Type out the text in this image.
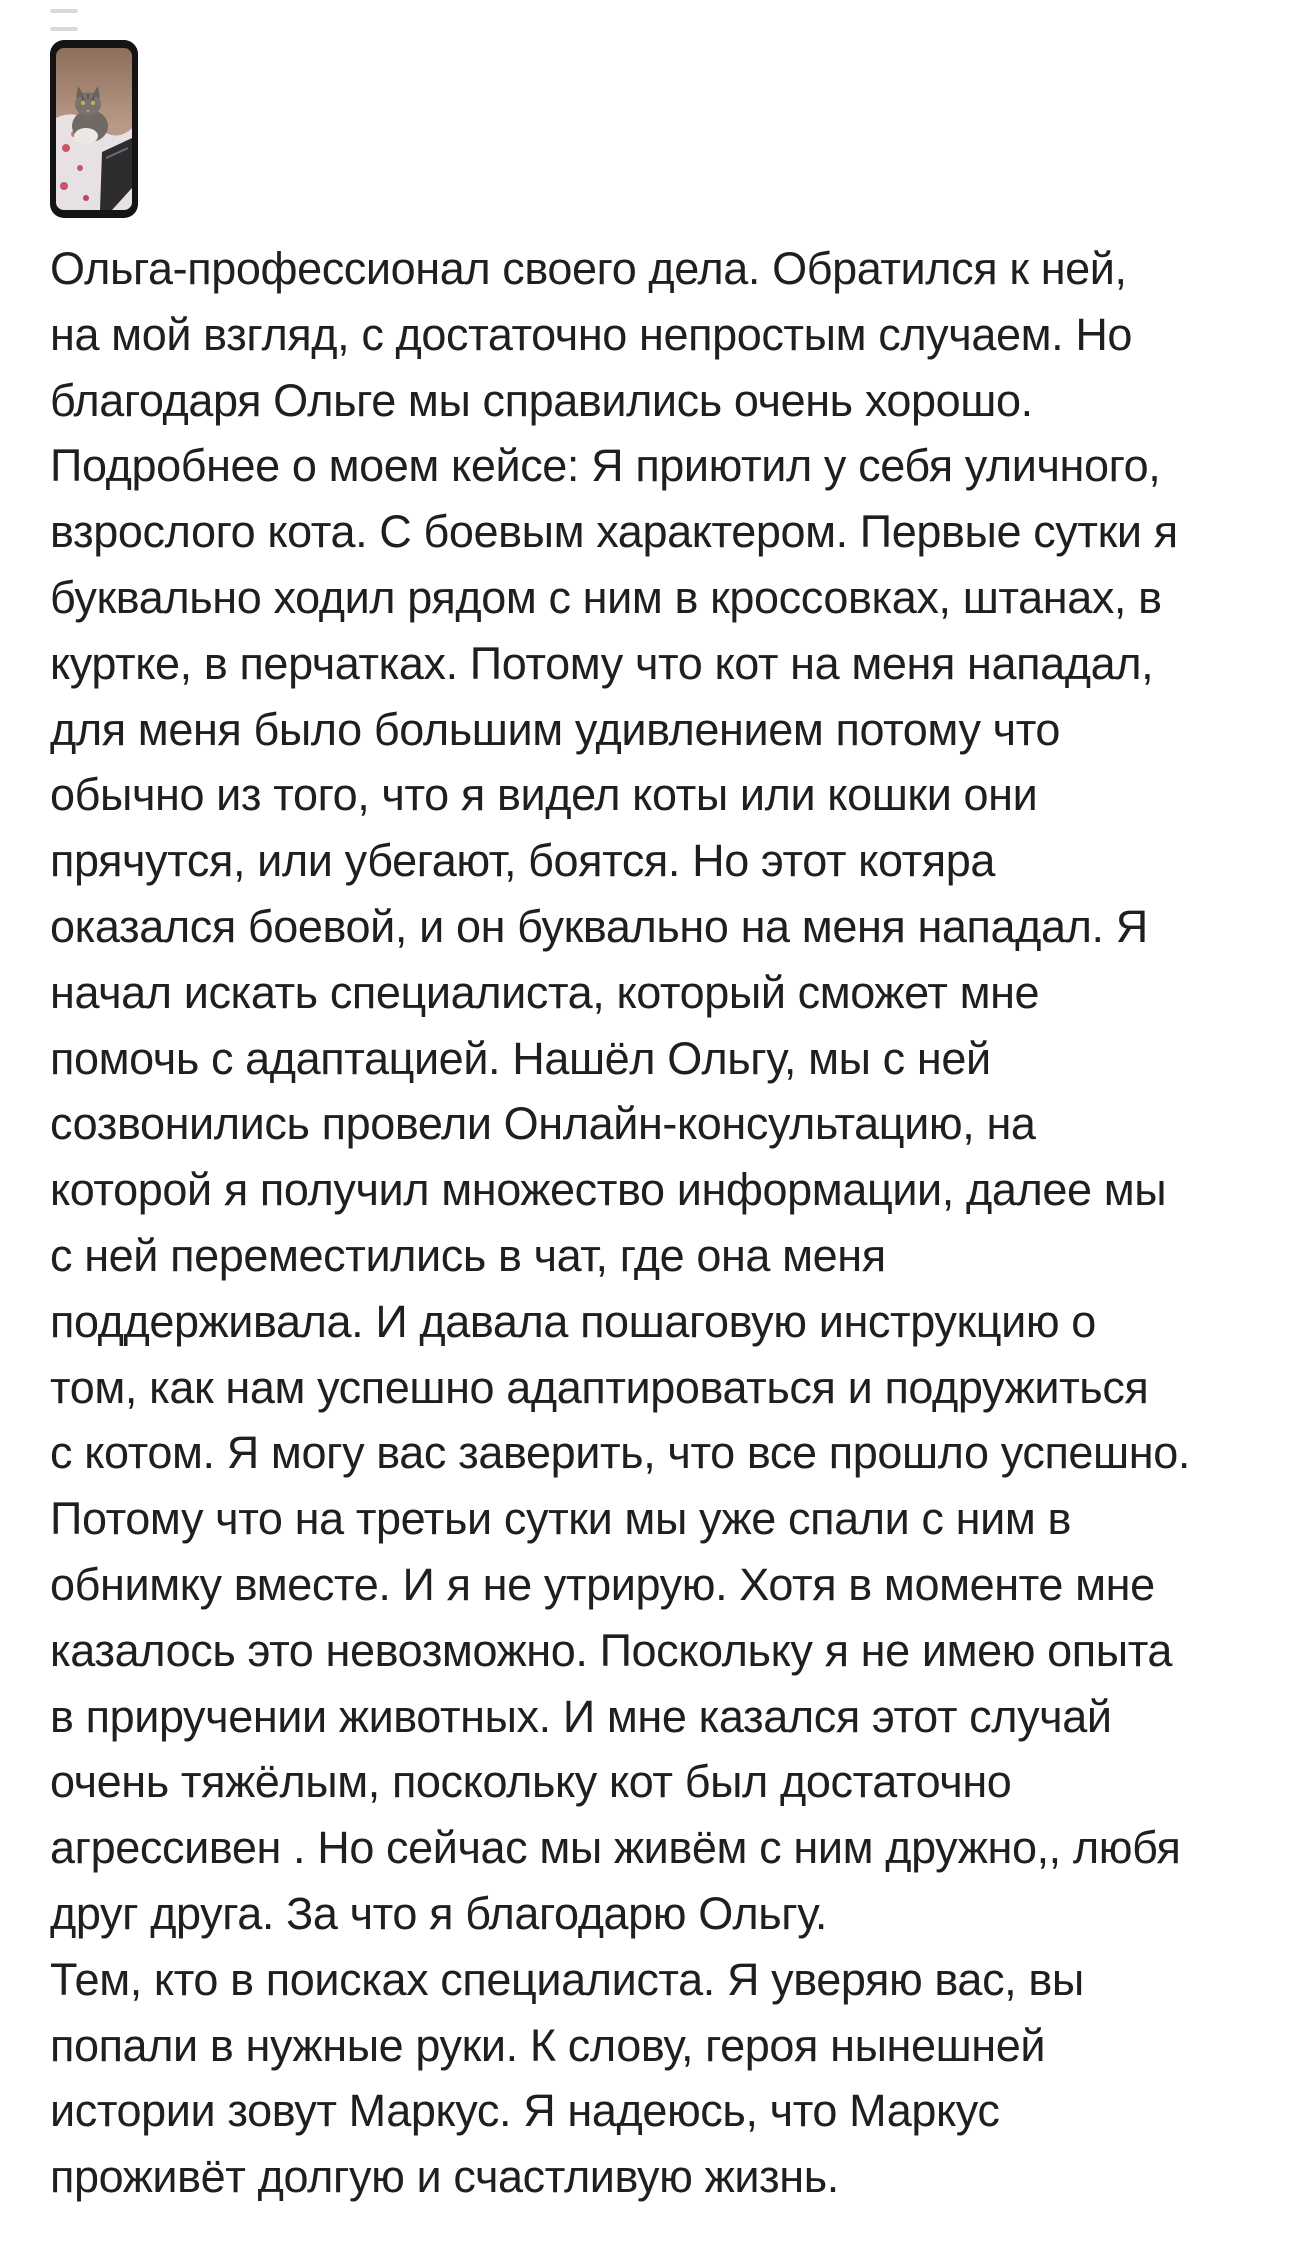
Ольга-профессионал своего дела. Обратился к ней,

на мой взгляд, с достаточно непростым случаем. Но

благодаря Ольге мы справились очень хорошо.

Подробнее о моем кейсе: Я приютил у себя уличного,

взрослого кота. С боевым характером. Первые сутки я

буквально ходил рядом с ним в кроссовках, штанах, в

куртке, в перчатках. Потому что кот на меня нападал,

для меня было большим удивлением потому что

обычно из того, что я видел коты или кошки они

прячутся, или убегают, боятся. Но этот котяра

оказался боевой, и он буквально на меня нападал. Я

начал искать специалиста, который сможет мне

помочь с адаптацией. Нашёл Ольгу, мы с ней

созвонились провели Онлайн-консультацию, на

которой я получил множество информации, далее мы

с ней переместились в чат, где она меня

поддерживала. И давала пошаговую инструкцию о

том, как нам успешно адаптироваться и подружиться

с котом. Я могу вас заверить, что все прошло успешно.

Потому что на третьи сутки мы уже спали с ним в

обнимку вместе. И я не утрирую. Хотя в моменте мне

казалось это невозможно. Поскольку я не имею опыта

в приручении животных. И мне казался этот случай

очень тяжёлым, поскольку кот был достаточно

агрессивен . Но сейчас мы живём с ним дружно,, любя

друг друга. За что я благодарю Ольгу.

Тем, кто в поисках специалиста. Я уверяю вас, вы

попали в нужные руки. К слову, героя нынешней

истории зовут Маркус. Я надеюсь, что Маркус

проживёт долгую и счастливую жизнь.
